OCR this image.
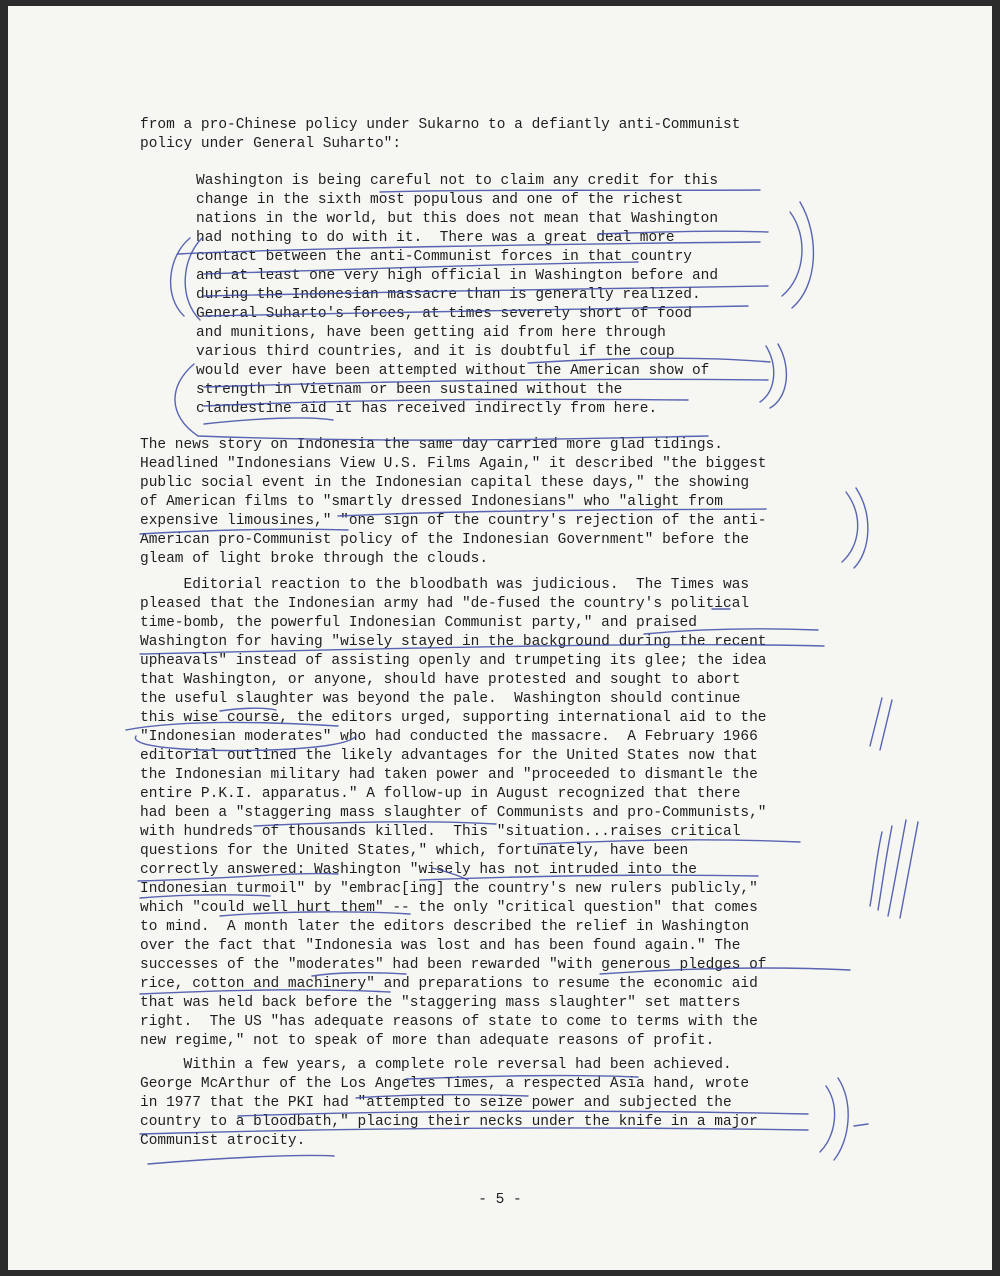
from a pro-Chinese policy under Sukarno to a defiantly anti-Communist
policy under General Suharto":
Washington is being careful not to claim any credit for this
change in the sixth most populous and one of the richest
nations in the world, but this does not mean that Washington
had nothing to do with it.  There was a great deal more
contact between the anti-Communist forces in that country
and at least one very high official in Washington before and
during the Indonesian massacre than is generally realized.
General Suharto's forces, at times severely short of food
and munitions, have been getting aid from here through
various third countries, and it is doubtful if the coup
would ever have been attempted without the American show of
strength in Vietnam or been sustained without the
clandestine aid it has received indirectly from here.
The news story on Indonesia the same day carried more glad tidings.
Headlined "Indonesians View U.S. Films Again," it described "the biggest
public social event in the Indonesian capital these days," the showing
of American films to "smartly dressed Indonesians" who "alight from
expensive limousines," "one sign of the country's rejection of the anti-
American pro-Communist policy of the Indonesian Government" before the
gleam of light broke through the clouds.
Editorial reaction to the bloodbath was judicious.  The Times was
pleased that the Indonesian army had "de-fused the country's political
time-bomb, the powerful Indonesian Communist party," and praised
Washington for having "wisely stayed in the background during the recent
upheavals" instead of assisting openly and trumpeting its glee; the idea
that Washington, or anyone, should have protested and sought to abort
the useful slaughter was beyond the pale.  Washington should continue
this wise course, the editors urged, supporting international aid to the
"Indonesian moderates" who had conducted the massacre.  A February 1966
editorial outlined the likely advantages for the United States now that
the Indonesian military had taken power and "proceeded to dismantle the
entire P.K.I. apparatus." A follow-up in August recognized that there
had been a "staggering mass slaughter of Communists and pro-Communists,"
with hundreds of thousands killed.  This "situation...raises critical
questions for the United States," which, fortunately, have been
correctly answered: Washington "wisely has not intruded into the
Indonesian turmoil" by "embrac[ing] the country's new rulers publicly,"
which "could well hurt them" -- the only "critical question" that comes
to mind.  A month later the editors described the relief in Washington
over the fact that "Indonesia was lost and has been found again." The
successes of the "moderates" had been rewarded "with generous pledges of
rice, cotton and machinery" and preparations to resume the economic aid
that was held back before the "staggering mass slaughter" set matters
right.  The US "has adequate reasons of state to come to terms with the
new regime," not to speak of more than adequate reasons of profit.
Within a few years, a complete role reversal had been achieved.
George McArthur of the Los Angeles Times, a respected Asia hand, wrote
in 1977 that the PKI had "attempted to seize power and subjected the
country to a bloodbath," placing their necks under the knife in a major
Communist atrocity.
- 5 -
